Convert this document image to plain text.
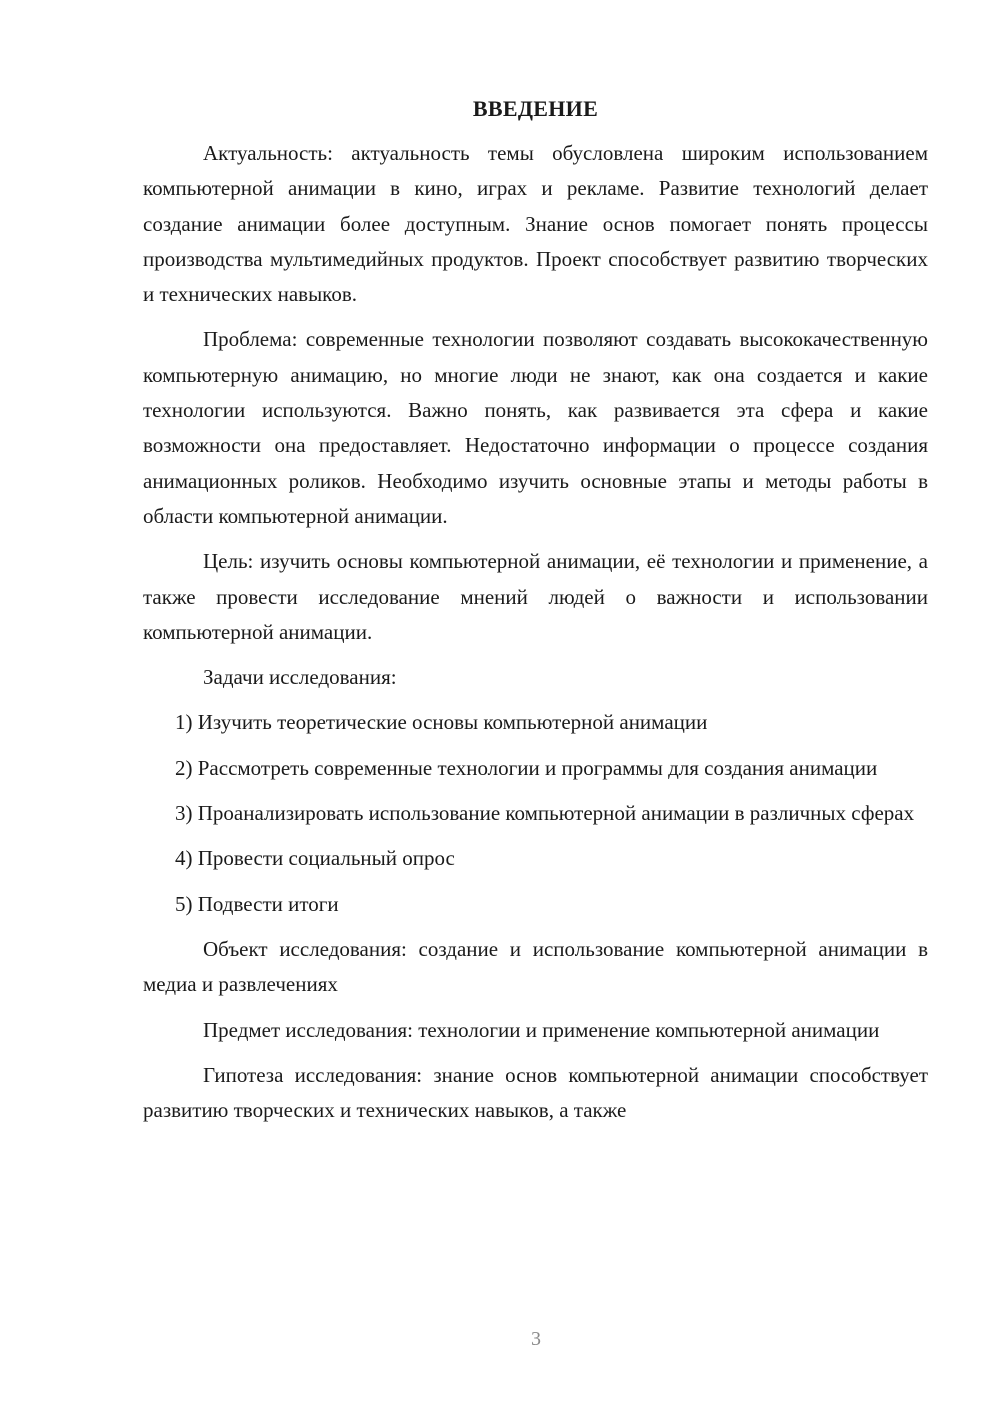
ВВЕДЕНИЕ

Актуальность: актуальность темы обусловлена широким использованием компьютерной анимации в кино, играх и рекламе. Развитие технологий делает создание анимации более доступным. Знание основ помогает понять процессы производства мультимедийных продуктов. Проект способствует развитию творческих и технических навыков.

Проблема: современные технологии позволяют создавать высококачественную компьютерную анимацию, но многие люди не знают, как она создается и какие технологии используются. Важно понять, как развивается эта сфера и какие возможности она предоставляет. Недостаточно информации о процессе создания анимационных роликов. Необходимо изучить основные этапы и методы работы в области компьютерной анимации.

Цель: изучить основы компьютерной анимации, её технологии и применение, а также провести исследование мнений людей о важности и использовании компьютерной анимации.

Задачи исследования:

1) Изучить теоретические основы компьютерной анимации

2) Рассмотреть современные технологии и программы для создания анимации

3) Проанализировать использование компьютерной анимации в различных сферах

4) Провести социальный опрос

5) Подвести итоги

Объект исследования: создание и использование компьютерной анимации в медиа и развлечениях

Предмет исследования: технологии и применение компьютерной анимации

Гипотеза исследования: знание основ компьютерной анимации способствует развитию творческих и технических навыков, а также

3
